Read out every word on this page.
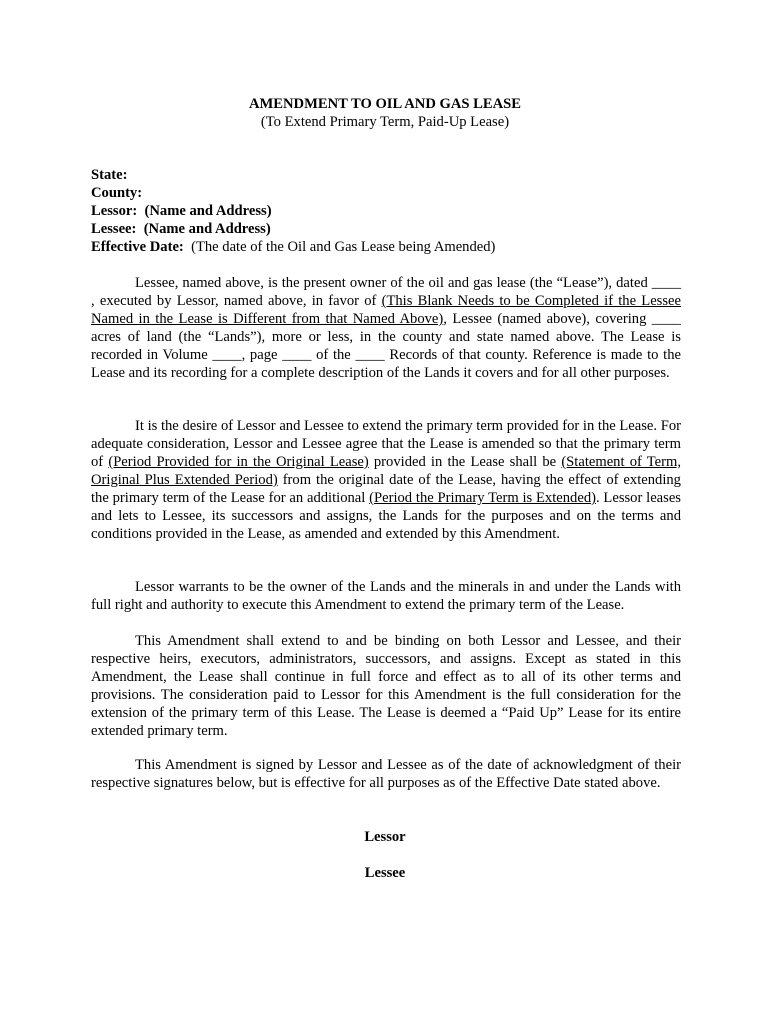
AMENDMENT TO OIL AND GAS LEASE
(To Extend Primary Term, Paid-Up Lease)
State:
County:
Lessor: (Name and Address)
Lessee: (Name and Address)
Effective Date: (The date of the Oil and Gas Lease being Amended)

Lessee, named above, is the present owner of the oil and gas lease (the “Lease”), dated ____ , executed by Lessor, named above, in favor of (This Blank Needs to be Completed if the Lessee Named in the Lease is Different from that Named Above), Lessee (named above), covering ____ acres of land (the “Lands”), more or less, in the county and state named above. The Lease is recorded in Volume ____, page ____ of the ____ Records of that county. Reference is made to the Lease and its recording for a complete description of the Lands it covers and for all other purposes.

It is the desire of Lessor and Lessee to extend the primary term provided for in the Lease. For adequate consideration, Lessor and Lessee agree that the Lease is amended so that the primary term of (Period Provided for in the Original Lease) provided in the Lease shall be (Statement of Term, Original Plus Extended Period) from the original date of the Lease, having the effect of extending the primary term of the Lease for an additional (Period the Primary Term is Extended). Lessor leases and lets to Lessee, its successors and assigns, the Lands for the purposes and on the terms and conditions provided in the Lease, as amended and extended by this Amendment.

Lessor warrants to be the owner of the Lands and the minerals in and under the Lands with full right and authority to execute this Amendment to extend the primary term of the Lease.

This Amendment shall extend to and be binding on both Lessor and Lessee, and their respective heirs, executors, administrators, successors, and assigns. Except as stated in this Amendment, the Lease shall continue in full force and effect as to all of its other terms and provisions. The consideration paid to Lessor for this Amendment is the full consideration for the extension of the primary term of this Lease. The Lease is deemed a “Paid Up” Lease for its entire extended primary term.

This Amendment is signed by Lessor and Lessee as of the date of acknowledgment of their respective signatures below, but is effective for all purposes as of the Effective Date stated above.

Lessor
Lessee
